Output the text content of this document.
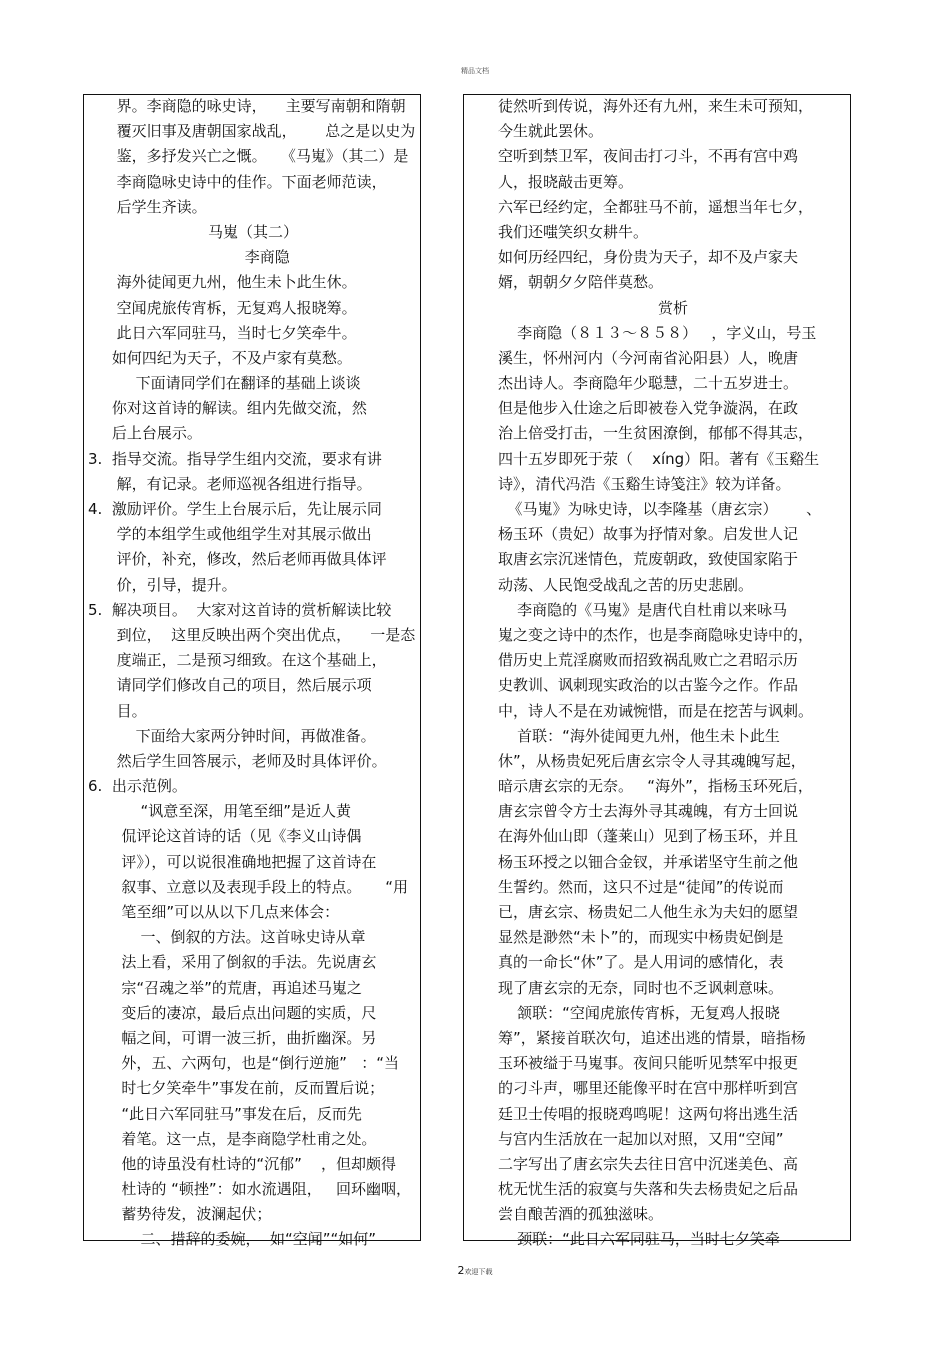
精品文档
界。李商隐的咏史诗，    主要写南朝和隋朝
覆灭旧事及唐朝国家战乱，      总之是以史为
鉴，多抒发兴亡之慨。   《马嵬》（其二）是
李商隐咏史诗中的佳作。下面老师范读，
后学生齐读。
马嵬（其二）
李商隐
海外徒闻更九州，他生未卜此生休。
空闻虎旅传宵柝，无复鸡人报晓筹。
此日六军同驻马，当时七夕笑牵牛。
如何四纪为天子，不及卢家有莫愁。
下面请同学们在翻译的基础上谈谈
你对这首诗的解读。组内先做交流，然
后上台展示。
3.  指导交流。指导学生组内交流，要求有讲
解，有记录。老师巡视各组进行指导。
4.  激励评价。学生上台展示后，先让展示同
学的本组学生或他组学生对其展示做出
评价，补充，修改，然后老师再做具体评
价，引导，提升。
5.  解决项目。  大家对这首诗的赏析解读比较
到位，  这里反映出两个突出优点，    一是态
度端正，二是预习细致。在这个基础上，
请同学们修改自己的项目，然后展示项
目。
下面给大家两分钟时间，再做准备。
然后学生回答展示，老师及时具体评价。
6.  出示范例。
“讽意至深，用笔至细”是近人黄
侃评论这首诗的话（见《李义山诗偶
评》），可以说很准确地把握了这首诗在
叙事、立意以及表现手段上的特点。     “用
笔至细”可以从以下几点来体会：
一、倒叙的方法。这首咏史诗从章
法上看，采用了倒叙的手法。先说唐玄
宗“召魂之举”的荒唐，再追述马嵬之
变后的凄凉，最后点出问题的实质，尺
幅之间，可谓一波三折，曲折幽深。另
外，五、六两句，也是“倒行逆施”   ：“当
时七夕笑牵牛”事发在前，反而置后说；
“此日六军同驻马”事发在后，反而先
着笔。这一点，是李商隐学杜甫之处。
他的诗虽没有杜诗的“沉郁”    ，但却颇得
杜诗的 “顿挫”：如水流遇阻，   回环幽咽，
蓄势待发，波澜起伏；
二、措辞的委婉，  如“空闻”“如何”
徒然听到传说，海外还有九州，来生未可预知，
今生就此罢休。
空听到禁卫军，夜间击打刁斗，不再有宫中鸡
人，报晓敲击更筹。
六军已经约定，全都驻马不前，遥想当年七夕，
我们还嗤笑织女耕牛。
如何历经四纪，身份贵为天子，却不及卢家夫
婿，朝朝夕夕陪伴莫愁。
赏析
李商隐（８１３～８５８）   ，字义山，号玉
溪生，怀州河内（今河南省沁阳县）人，晚唐
杰出诗人。李商隐年少聪慧，二十五岁进士。
但是他步入仕途之后即被卷入党争漩涡，在政
治上倍受打击，一生贫困潦倒，郁郁不得其志，
四十五岁即死于荥（    xíng）阳。著有《玉谿生
诗》，清代冯浩《玉谿生诗笺注》较为详备。
《马嵬》为咏史诗，以李隆基（唐玄宗）      、
杨玉环（贵妃）故事为抒情对象。启发世人记
取唐玄宗沉迷情色，荒废朝政，致使国家陷于
动荡、人民饱受战乱之苦的历史悲剧。
李商隐的《马嵬》是唐代自杜甫以来咏马
嵬之变之诗中的杰作，也是李商隐咏史诗中的，
借历史上荒淫腐败而招致祸乱败亡之君昭示历
史教训、讽刺现实政治的以古鉴今之作。作品
中，诗人不是在劝诫惋惜，而是在挖苦与讽刺。
首联：“海外徒闻更九州，他生未卜此生
休”，从杨贵妃死后唐玄宗令人寻其魂魄写起，
暗示唐玄宗的无奈。   “海外”，指杨玉环死后，
唐玄宗曾令方士去海外寻其魂魄，有方士回说
在海外仙山即（蓬莱山）见到了杨玉环，并且
杨玉环授之以钿合金钗，并承诺坚守生前之他
生誓约。然而，这只不过是“徒闻”的传说而
已，唐玄宗、杨贵妃二人他生永为夫妇的愿望
显然是渺然“未卜”的，而现实中杨贵妃倒是
真的一命长“休”了。是人用词的感情化，表
现了唐玄宗的无奈，同时也不乏讽刺意味。
颔联：“空闻虎旅传宵柝，无复鸡人报晓
筹”，紧接首联次句，追述出逃的情景，暗指杨
玉环被缢于马嵬事。夜间只能听见禁军中报更
的刁斗声，哪里还能像平时在宫中那样听到宫
廷卫士传唱的报晓鸡鸣呢！这两句将出逃生活
与宫内生活放在一起加以对照，又用“空闻”
二字写出了唐玄宗失去往日宫中沉迷美色、高
枕无忧生活的寂寞与失落和失去杨贵妃之后品
尝自酿苦酒的孤独滋味。
颈联：“此日六军同驻马，当时七夕笑牵
2欢迎下载
